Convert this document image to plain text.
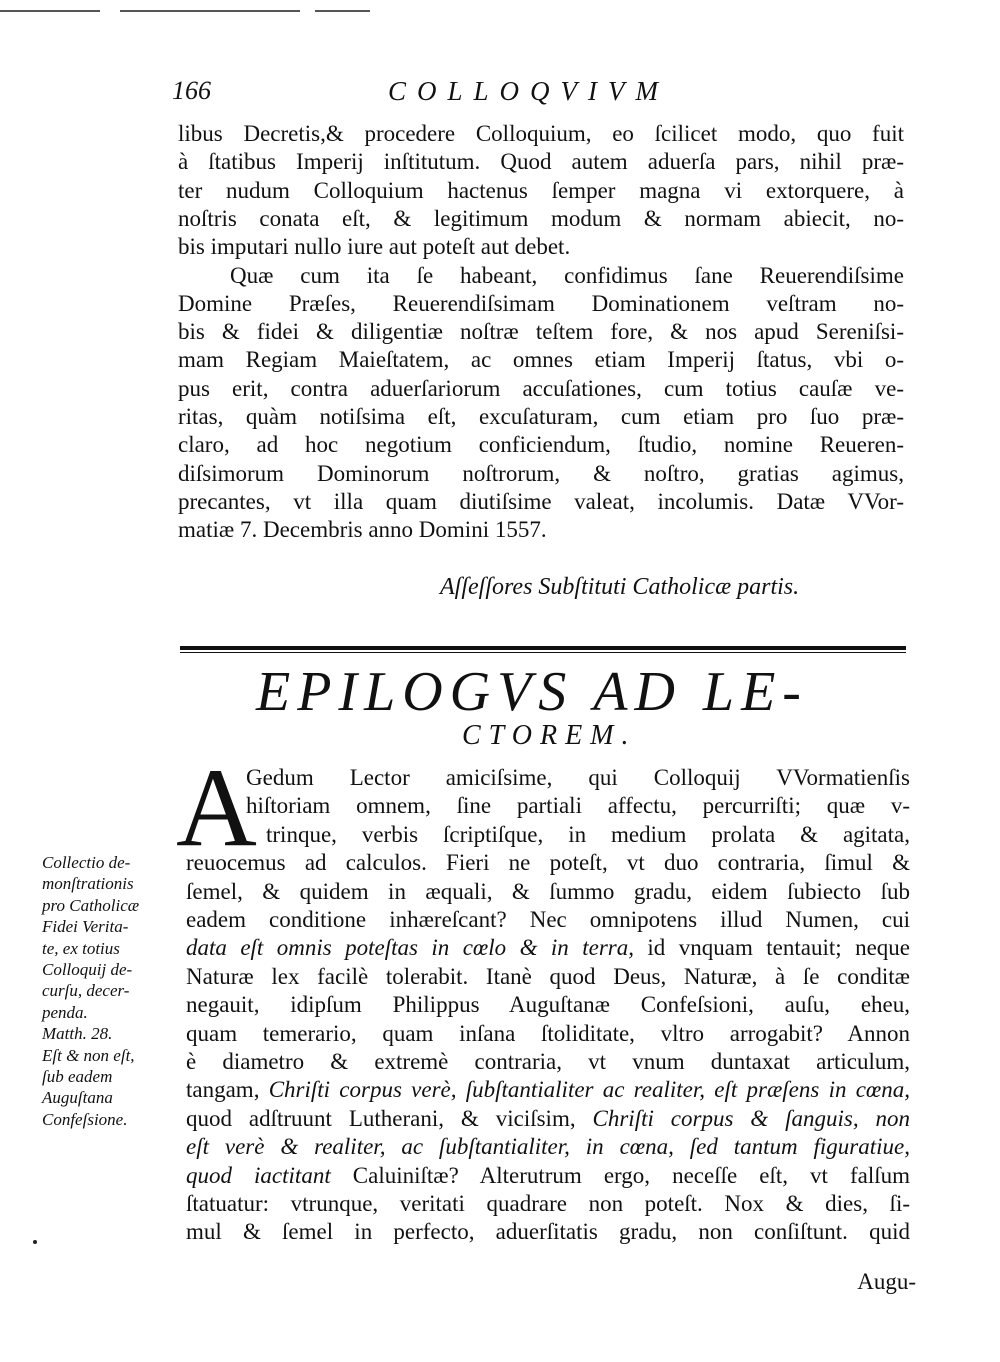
166	COLLOQVIVM
libus Decretis,& procedere Colloquium, eo ſcilicet modo, quo fuit
à ſtatibus Imperij inſtitutum. Quod autem aduerſa pars, nihil præ-
ter nudum Colloquium hactenus ſemper magna vi extorquere, à
noſtris conata eſt, & legitimum modum & normam abiecit, no-
bis imputari nullo iure aut poteſt aut debet.
Quæ cum ita ſe habeant, confidimus ſane Reuerendiſsime
Domine Præſes, Reuerendiſsimam Dominationem veſtram no-
bis & fidei & diligentiæ noſtræ teſtem fore, & nos apud Sereniſsi-
mam Regiam Maieſtatem, ac omnes etiam Imperij ſtatus, vbi o-
pus erit, contra aduerſariorum accuſationes, cum totius cauſæ ve-
ritas, quàm notiſsima eſt, excuſaturam, cum etiam pro ſuo præ-
claro, ad hoc negotium conficiendum, ſtudio, nomine Reueren-
diſsimorum Dominorum noſtrorum, & noſtro, gratias agimus,
precantes, vt illa quam diutiſsime valeat, incolumis. Datæ VVor-
matiæ 7. Decembris anno Domini 1557.
Aſſeſſores Subſtituti Catholicæ partis.
EPILOGVS AD LE-
CTOREM.
A
Gedum Lector amiciſsime, qui Colloquij VVormatienſis
hiſtoriam omnem, ſine partiali affectu, percurriſti; quæ v-
trinque, verbis ſcriptiſque, in medium prolata & agitata,
reuocemus ad calculos. Fieri ne poteſt, vt duo contraria, ſimul &
ſemel, & quidem in æquali, & ſummo gradu, eidem ſubiecto ſub
eadem conditione inhæreſcant? Nec omnipotens illud Numen, cui
data eſt omnis poteſtas in cœlo & in terra, id vnquam tentauit; neque
Naturæ lex facilè tolerabit. Itanè quod Deus, Naturæ, à ſe conditæ
negauit, idipſum Philippus Auguſtanæ Confeſsioni, auſu, eheu,
quam temerario, quam inſana ſtoliditate, vltro arrogabit? Annon
è diametro & extremè contraria, vt vnum duntaxat articulum,
tangam, Chriſti corpus verè, ſubſtantialiter ac realiter, eſt præſens in cœna,
quod adſtruunt Lutherani, & viciſsim, Chriſti corpus & ſanguis, non
eſt verè & realiter, ac ſubſtantialiter, in cœna, ſed tantum figuratiue,
quod iactitant Caluiniſtæ? Alterutrum ergo, neceſſe eſt, vt falſum
ſtatuatur: vtrunque, veritati quadrare non poteſt. Nox & dies, ſi-
mul & ſemel in perfecto, aduerſitatis gradu, non conſiſtunt. quid
Augu-
Collectio de-
monſtrationis
pro Catholicæ
Fidei Verita-
te, ex totius
Colloquij de-
curſu, decer-
penda.
Matth. 28.
Eſt & non eſt,
ſub eadem
Auguſtana
Confeſsione.
